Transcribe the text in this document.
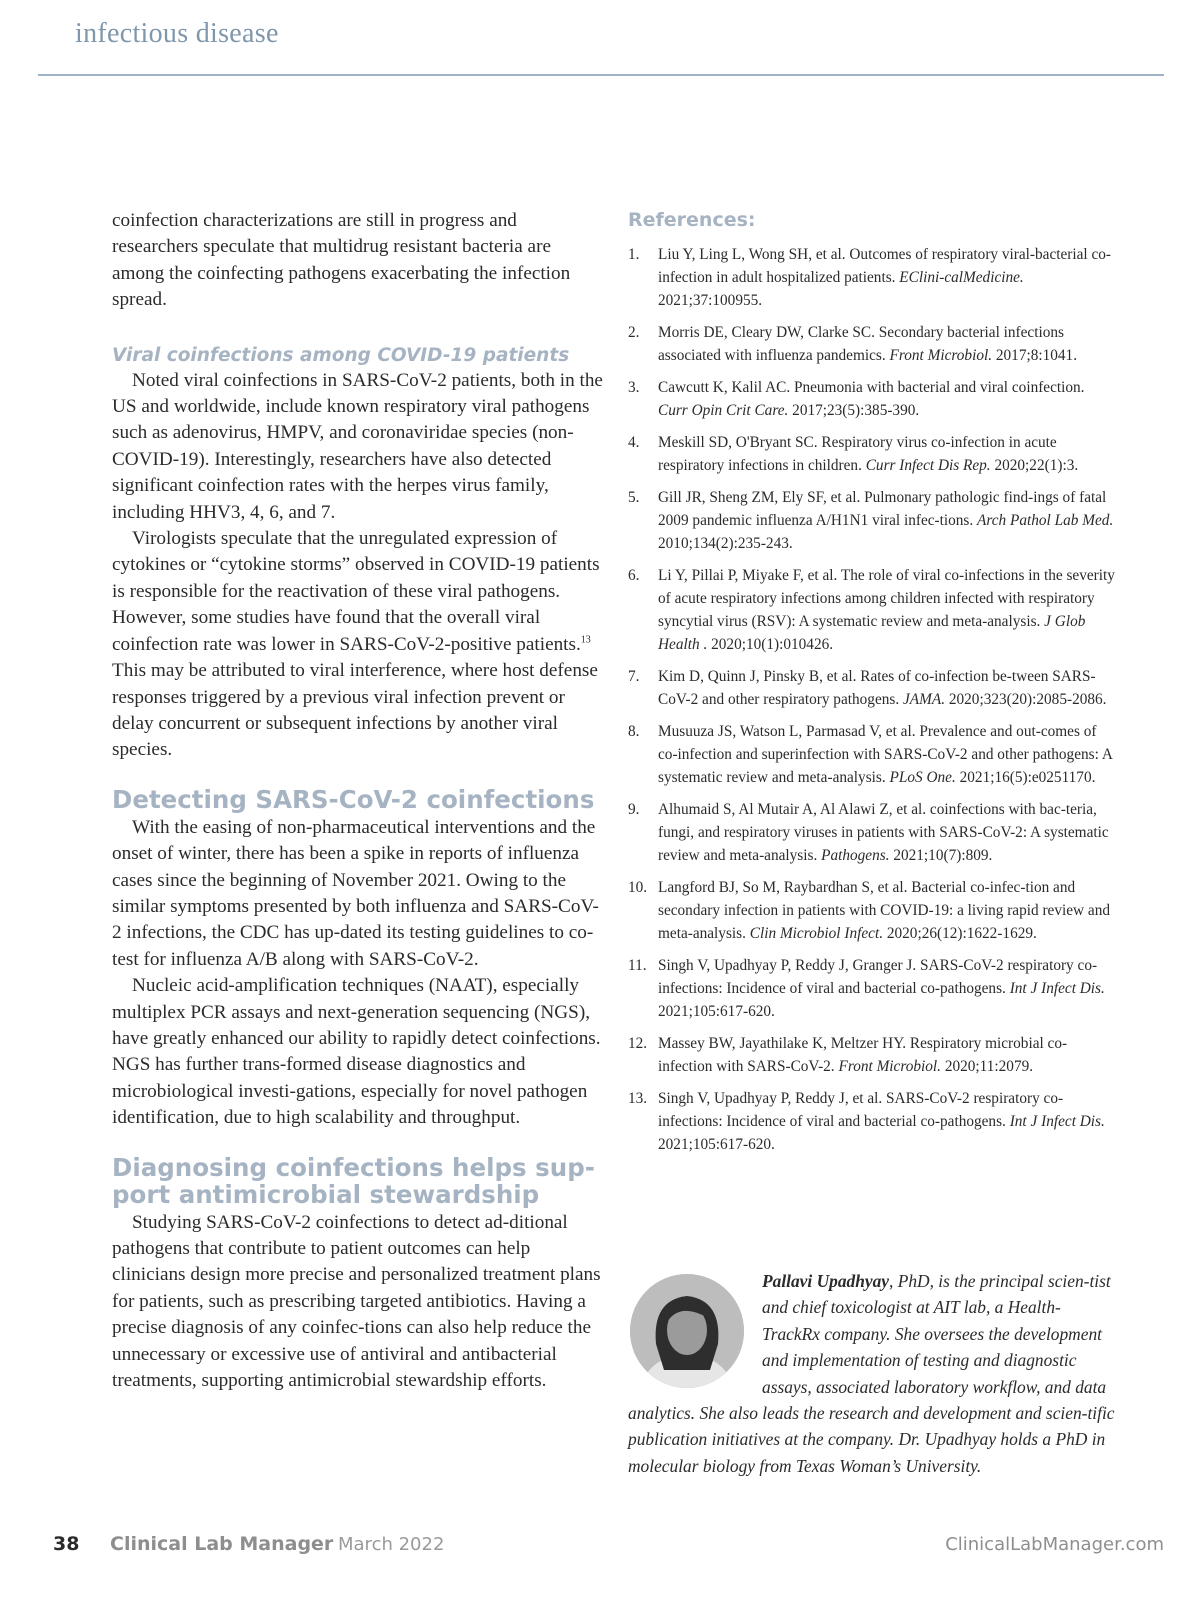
infectious disease

coinfection characterizations are still in progress and researchers speculate that multidrug resistant bacteria are among the coinfecting pathogens exacerbating the infection spread.

Viral coinfections among COVID-19 patients

Noted viral coinfections in SARS-CoV-2 patients, both in the US and worldwide, include known respiratory viral pathogens such as adenovirus, HMPV, and coronaviridae species (non-COVID-19). Interestingly, researchers have also detected significant coinfection rates with the herpes virus family, including HHV3, 4, 6, and 7.

Virologists speculate that the unregulated expression of cytokines or “cytokine storms” observed in COVID-19 patients is responsible for the reactivation of these viral pathogens. However, some studies have found that the overall viral coinfection rate was lower in SARS-CoV-2-positive patients.$^{13}$ This may be attributed to viral interference, where host defense responses triggered by a previous viral infection prevent or delay concurrent or subsequent infections by another viral species.

Detecting SARS-CoV-2 coinfections

With the easing of non-pharmaceutical interventions and the onset of winter, there has been a spike in reports of influenza cases since the beginning of November 2021. Owing to the similar symptoms presented by both influenza and SARS-CoV-2 infections, the CDC has up-dated its testing guidelines to co-test for influenza A/B along with SARS-CoV-2.

Nucleic acid-amplification techniques (NAAT), especially multiplex PCR assays and next-generation sequencing (NGS), have greatly enhanced our ability to rapidly detect coinfections. NGS has further trans-formed disease diagnostics and microbiological investi-gations, especially for novel pathogen identification, due to high scalability and throughput.

Diagnosing coinfections helps sup-port antimicrobial stewardship

Studying SARS-CoV-2 coinfections to detect ad-ditional pathogens that contribute to patient outcomes can help clinicians design more precise and personalized treatment plans for patients, such as prescribing targeted antibiotics. Having a precise diagnosis of any coinfec-tions can also help reduce the unnecessary or excessive use of antiviral and antibacterial treatments, supporting antimicrobial stewardship efforts.

References:
1.	Liu Y, Ling L, Wong SH, et al. Outcomes of respiratory viral-bacterial co-infection in adult hospitalized patients. EClini-calMedicine. 2021;37:100955.
2.	Morris DE, Cleary DW, Clarke SC. Secondary bacterial infections associated with influenza pandemics. Front Microbiol. 2017;8:1041.
3.	Cawcutt K, Kalil AC. Pneumonia with bacterial and viral coinfection. Curr Opin Crit Care. 2017;23(5):385-390.
4.	Meskill SD, O'Bryant SC. Respiratory virus co-infection in acute respiratory infections in children. Curr Infect Dis Rep. 2020;22(1):3.
5.	Gill JR, Sheng ZM, Ely SF, et al. Pulmonary pathologic find-ings of fatal 2009 pandemic influenza A/H1N1 viral infec-tions. Arch Pathol Lab Med. 2010;134(2):235-243.
6.	Li Y, Pillai P, Miyake F, et al. The role of viral co-infections in the severity of acute respiratory infections among children infected with respiratory syncytial virus (RSV): A systematic review and meta-analysis. J Glob Health . 2020;10(1):010426.
7.	Kim D, Quinn J, Pinsky B, et al. Rates of co-infection be-tween SARS-CoV-2 and other respiratory pathogens. JAMA. 2020;323(20):2085-2086.
8.	Musuuza JS, Watson L, Parmasad V, et al. Prevalence and out-comes of co-infection and superinfection with SARS-CoV-2 and other pathogens: A systematic review and meta-analysis. PLoS One. 2021;16(5):e0251170.
9.	Alhumaid S, Al Mutair A, Al Alawi Z, et al. coinfections with bac-teria, fungi, and respiratory viruses in patients with SARS-CoV-2: A systematic review and meta-analysis. Pathogens. 2021;10(7):809.
10. Langford BJ, So M, Raybardhan S, et al. Bacterial co-infec-tion and secondary infection in patients with COVID-19: a living rapid review and meta-analysis. Clin Microbiol Infect. 2020;26(12):1622-1629.
11. Singh V, Upadhyay P, Reddy J, Granger J. SARS-CoV-2 respiratory co-infections: Incidence of viral and bacterial co-pathogens. Int J Infect Dis. 2021;105:617-620.
12. Massey BW, Jayathilake K, Meltzer HY. Respiratory microbial co-infection with SARS-CoV-2. Front Microbiol. 2020;11:2079.
13. Singh V, Upadhyay P, Reddy J, et al. SARS-CoV-2 respiratory co-infections: Incidence of viral and bacterial co-pathogens. Int J Infect Dis. 2021;105:617-620.
Pallavi Upadhyay, PhD, is the principal scien-tist and chief toxicologist at AIT lab, a Health-TrackRx company. She oversees the development and implementation of testing and diagnostic assays, associated laboratory workflow, and data analytics. She also leads the research and development and scien-tific publication initiatives at the company. Dr. Upadhyay holds a PhD in molecular biology from Texas Woman’s University.
38 Clinical Lab Manager March 2022	ClinicalLabManager.com
